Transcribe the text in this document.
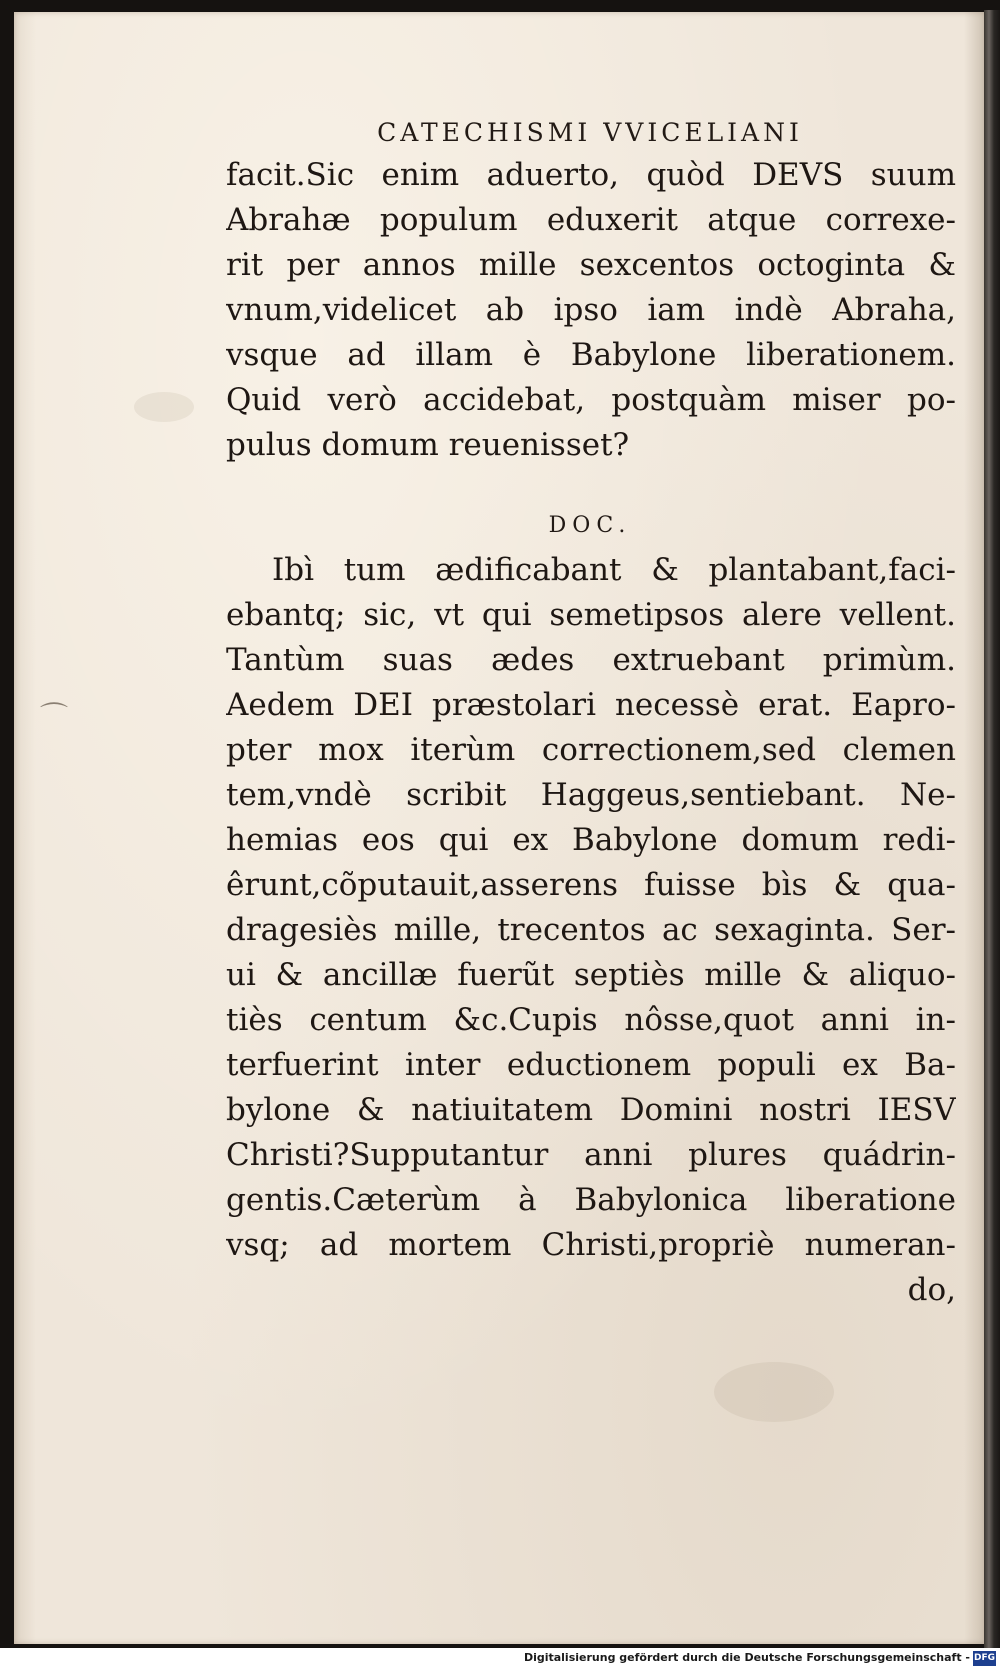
CATECHISMI VVICELIANI
facit.Sic enim aduerto, quòd DEVS suum
Abrahæ populum eduxerit atque correxe-
rit per annos mille sexcentos octoginta &
vnum,videlicet ab ipso iam indè Abraha,
vsque ad illam è Babylone liberationem.
Quid verò accidebat, postquàm miser po-
pulus domum reuenisset?
DOC.
Ibì tum ædificabant & plantabant,faci-
ebantq; sic, vt qui semetipsos alere vellent.
Tantùm suas ædes extruebant primùm.
Aedem DEI præstolari necessè erat. Eapro-
pter mox iterùm correctionem,sed clemen
tem,vndè scribit Haggeus,sentiebant. Ne-
hemias eos qui ex Babylone domum redi-
êrunt,cõputauit,asserens fuisse bìs & qua-
dragesiès mille, trecentos ac sexaginta. Ser-
ui & ancillæ fuerũt septiès mille & aliquo-
tiès centum &c.Cupis nôsse,quot anni in-
terfuerint inter eductionem populi ex Ba-
bylone & natiuitatem Domini nostri IESV
Christi?Supputantur anni plures quádrin-
gentis.Cæterùm à Babylonica liberatione
vsq; ad mortem Christi,propriè numeran-
do,
⌒
Digitalisierung gefördert durch die Deutsche Forschungsgemeinschaft - DFG
